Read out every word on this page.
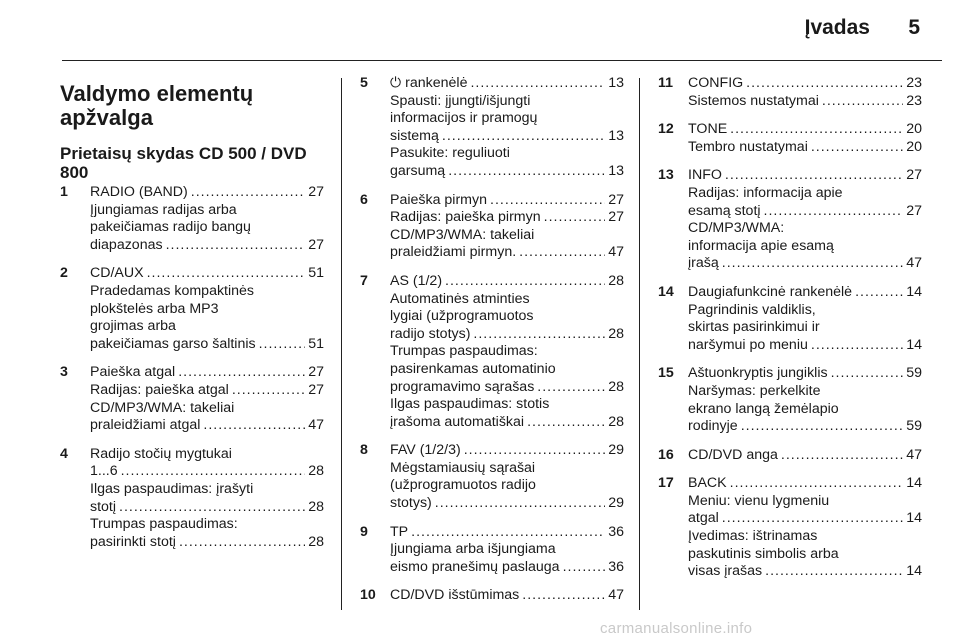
Įvadas 5
Valdymo elementų apžvalga
Prietaisų skydas CD 500 / DVD 800
1 RADIO (BAND) .....	27
Įjungiamas radijas arba
pakeičiamas radijo bangų
diapazonas .....	27
2 CD/AUX .....	51
Pradedamas kompaktinės
plokštelės arba MP3
grojimas arba
pakeičiamas garso šaltinis .....	51
3 Paieška atgal .....	27
Radijas: paieška atgal .....	27
CD/MP3/WMA: takeliai
praleidžiami atgal .....	47
4 Radijo stočių mygtukai
1...6 .....	28
Ilgas paspaudimas: įrašyti
stotį .....	28
Trumpas paspaudimas:
pasirinkti stotį .....	28
5 ⏻ rankenėlė .....	13
Spausti: įjungti/išjungti
informacijos ir pramogų
sistemą .....	13
Pasukite: reguliuoti
garsumą .....	13
6 Paieška pirmyn .....	27
Radijas: paieška pirmyn .....	27
CD/MP3/WMA: takeliai
praleidžiami pirmyn. .....	47
7 AS (1/2) .....	28
Automatinės atminties
lygiai (užprogramuotos
radijo stotys) .....	28
Trumpas paspaudimas:
pasirenkamas automatinio
programavimo sąrašas .....	28
Ilgas paspaudimas: stotis
įrašoma automatiškai .....	28
8 FAV (1/2/3) .....	29
Mėgstamiausių sąrašai
(užprogramuotos radijo
stotys) .....	29
9 TP .....	36
Įjungiama arba išjungiama
eismo pranešimų paslauga .....	36
10 CD/DVD išstūmimas .....	47
11 CONFIG .....	23
Sistemos nustatymai .....	23
12 TONE .....	20
Tembro nustatymai .....	20
13 INFO .....	27
Radijas: informacija apie
esamą stotį .....	27
CD/MP3/WMA:
informacija apie esamą
įrašą .....	47
14 Daugiafunkcinė rankenėlė .....	14
Pagrindinis valdiklis,
skirtas pasirinkimui ir
naršymui po meniu .....	14
15 Aštuonkryptis jungiklis .....	59
Naršymas: perkelkite
ekrano langą žemėlapio
rodinyje .....	59
16 CD/DVD anga .....	47
17 BACK .....	14
Meniu: vienu lygmeniu
atgal .....	14
Įvedimas: ištrinamas
paskutinis simbolis arba
visas įrašas .....	14
carmanualsonline.info
